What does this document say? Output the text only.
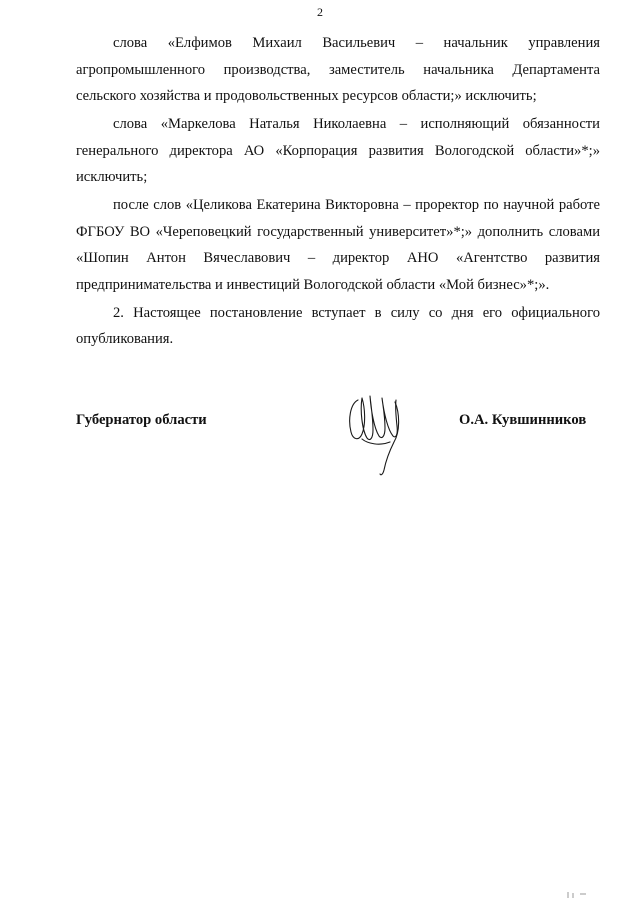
2

слова «Елфимов Михаил Васильевич – начальник управления агропромышленного производства, заместитель начальника Департамента сельского хозяйства и продовольственных ресурсов области;» исключить;

слова «Маркелова Наталья Николаевна – исполняющий обязанности генерального директора АО «Корпорация развития Вологодской области»*;» исключить;

после слов «Целикова Екатерина Викторовна – проректор по научной работе ФГБОУ ВО «Череповецкий государственный университет»*;» дополнить словами «Шопин Антон Вячеславович – директор АНО «Агентство развития предпринимательства и инвестиций Вологодской области «Мой бизнес»*;».

2. Настоящее постановление вступает в силу со дня его официального опубликования.

Губернатор области	О.А. Кувшинников
